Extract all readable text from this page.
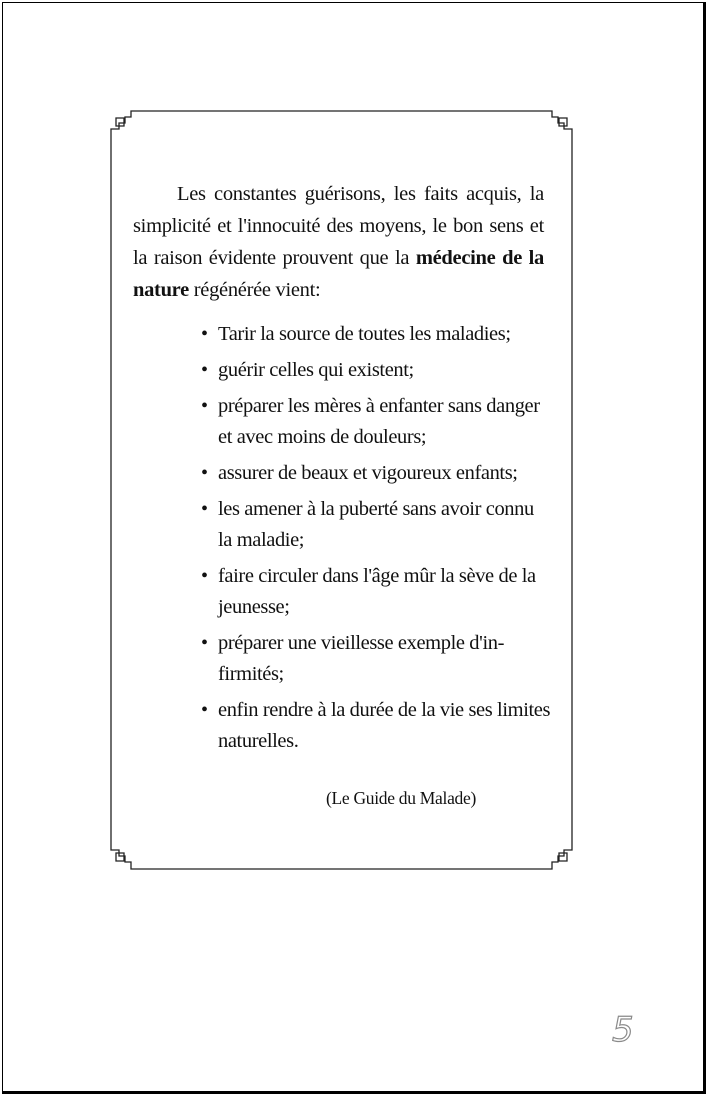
Les constantes guérisons, les faits acquis, la simplicité et l'innocuité des moyens, le bon sens et la raison évidente prouvent que la médecine de la nature régénérée vient:

• Tarir la source de toutes les maladies;
• guérir celles qui existent;
• préparer les mères à enfanter sans danger et avec moins de douleurs;
• assurer de beaux et vigoureux enfants;
• les amener à la puberté sans avoir connu la maladie;
• faire circuler dans l'âge mûr la sève de la jeunesse;
• préparer une vieillesse exemple d'infirmités;
• enfin rendre à la durée de la vie ses limites naturelles.
(Le Guide du Malade)
5
